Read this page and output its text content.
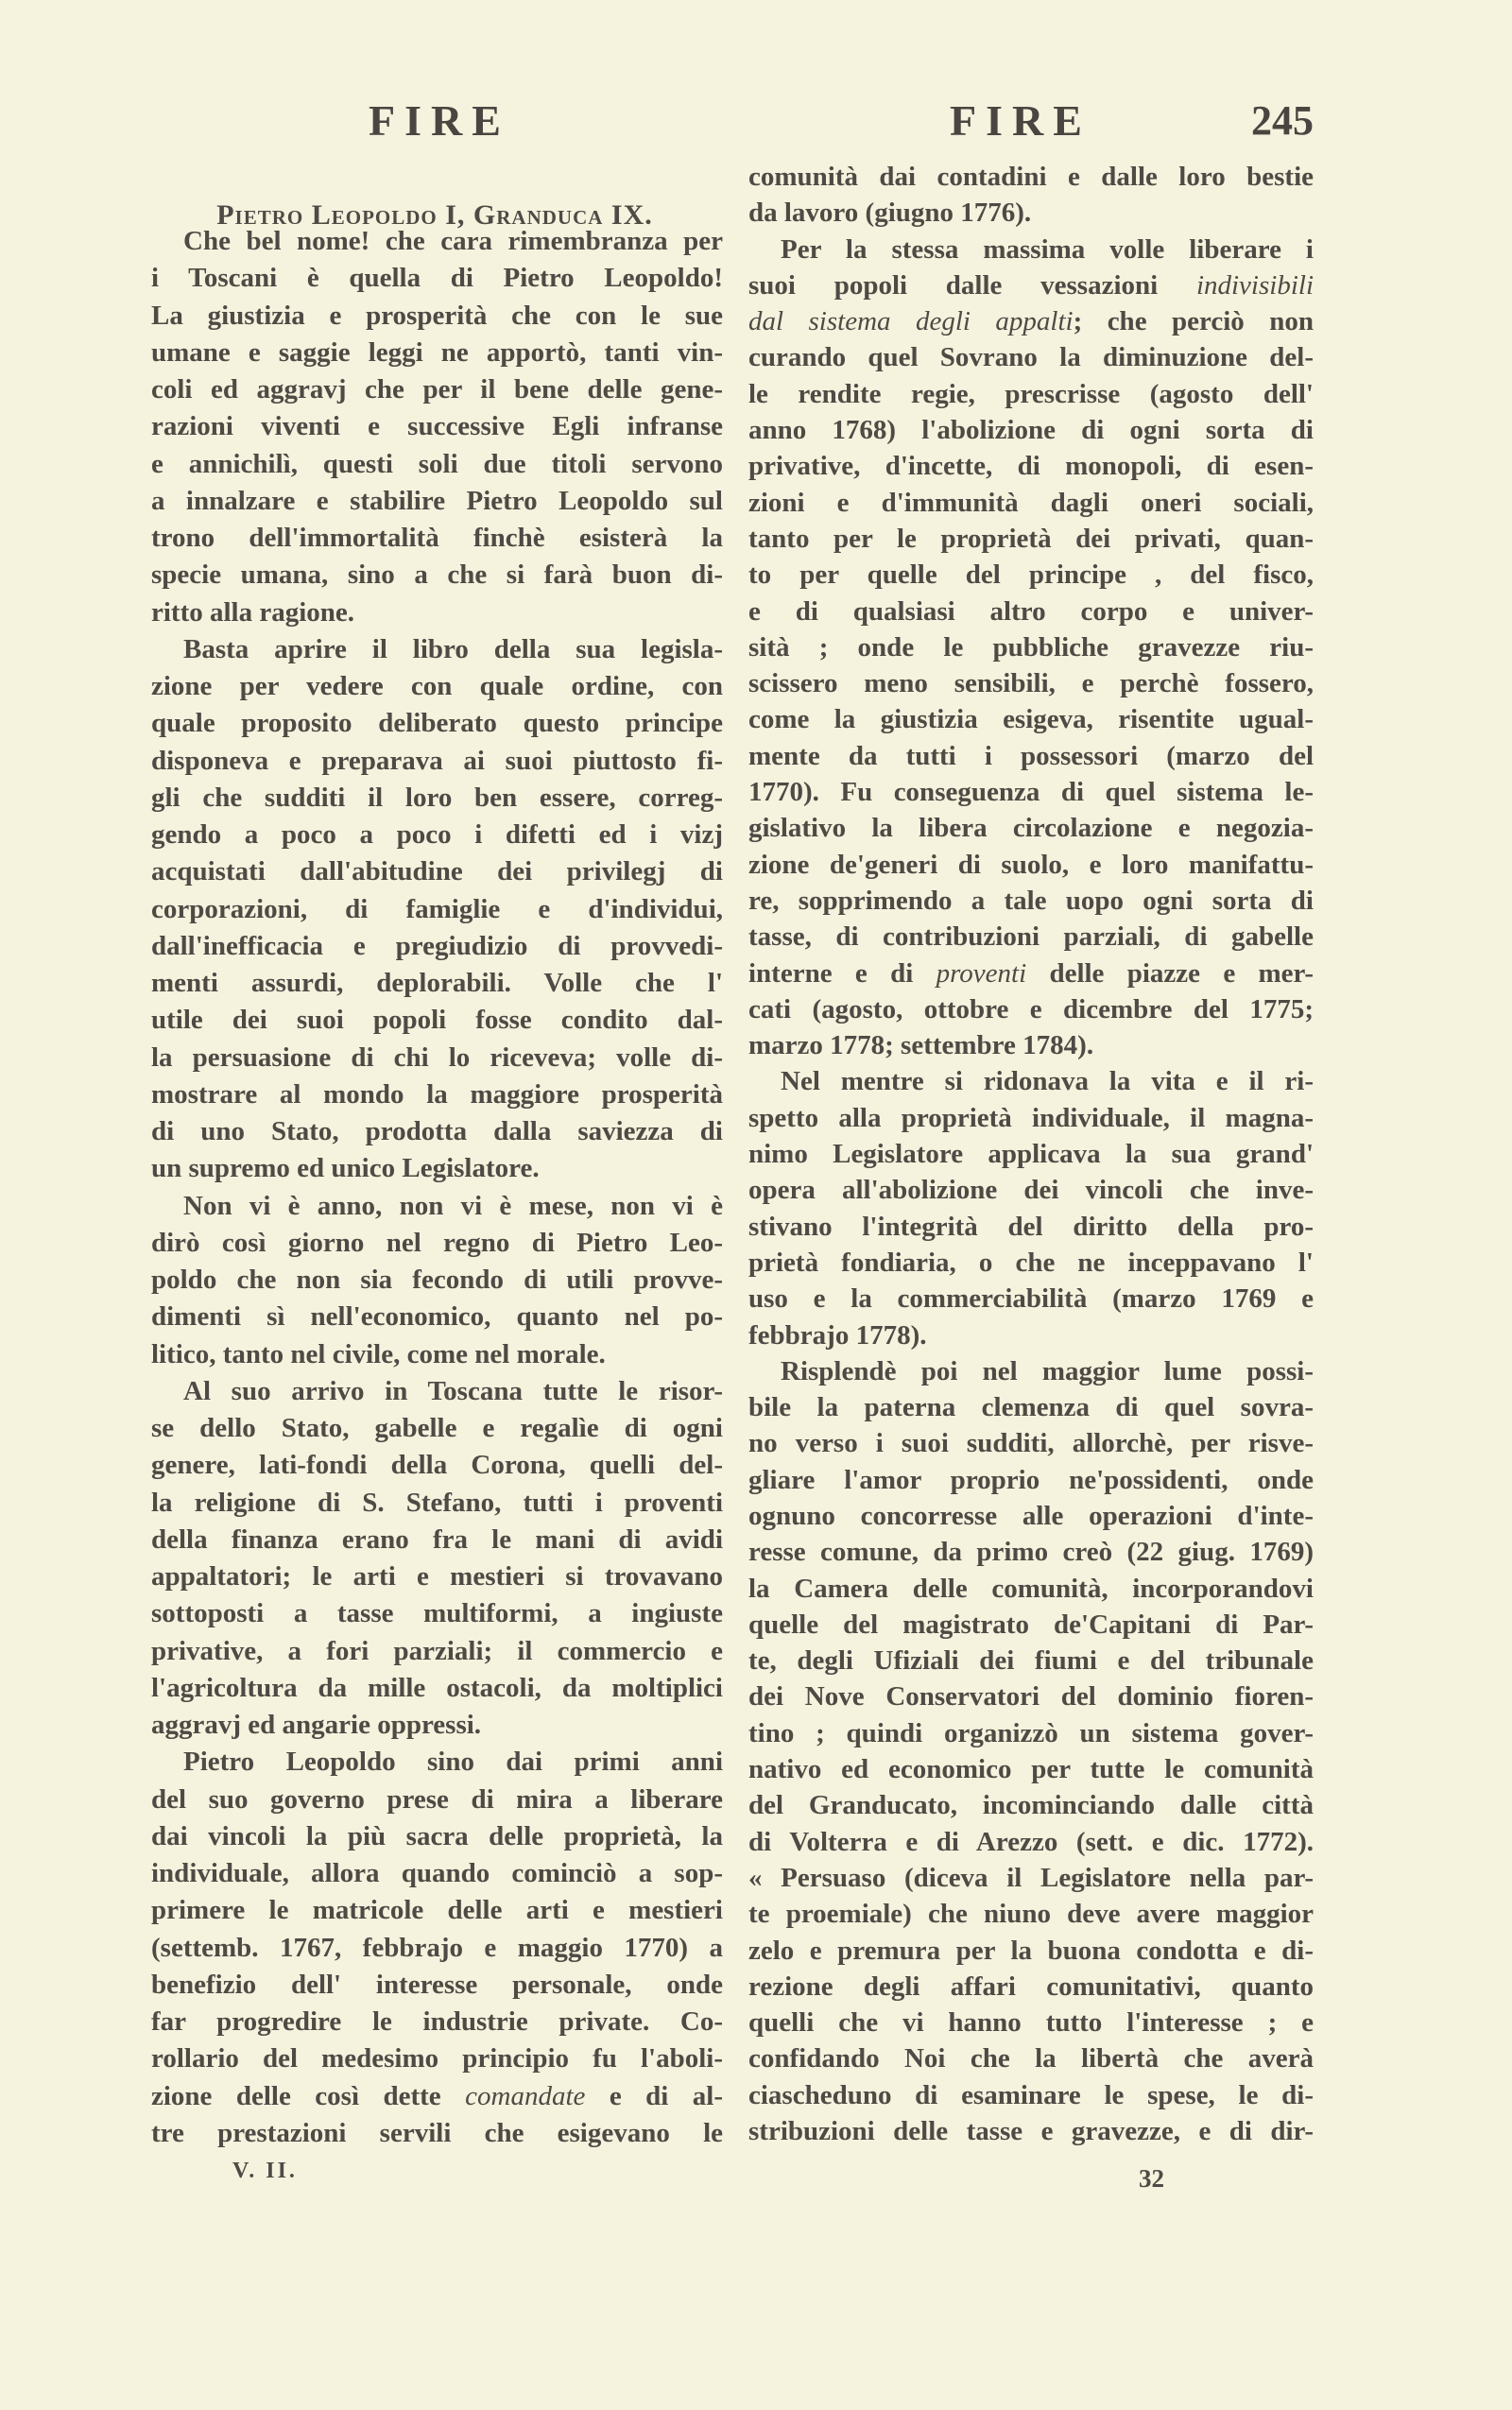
FIRE	FIRE	245
Pietro Leopoldo I, Granduca IX.
Che bel nome! che cara rimembranza per
i Toscani è quella di Pietro Leopoldo!
La giustizia e prosperità che con le sue
umane e saggie leggi ne apportò, tanti vin-
coli ed aggravj che per il bene delle gene-
razioni viventi e successive Egli infranse
e annichilì, questi soli due titoli servono
a innalzare e stabilire Pietro Leopoldo sul
trono dell'immortalità finchè esisterà la
specie umana, sino a che si farà buon di-
ritto alla ragione.
Basta aprire il libro della sua legisla-
zione per vedere con quale ordine, con
quale proposito deliberato questo principe
disponeva e preparava ai suoi piuttosto fi-
gli che sudditi il loro ben essere, correg-
gendo a poco a poco i difetti ed i vizj
acquistati dall'abitudine dei privilegj di
corporazioni, di famiglie e d'individui,
dall'inefficacia e pregiudizio di provvedi-
menti assurdi, deplorabili. Volle che l'
utile dei suoi popoli fosse condito dal-
la persuasione di chi lo riceveva; volle di-
mostrare al mondo la maggiore prosperità
di uno Stato, prodotta dalla saviezza di
un supremo ed unico Legislatore.
Non vi è anno, non vi è mese, non vi è
dirò così giorno nel regno di Pietro Leo-
poldo che non sia fecondo di utili provve-
dimenti sì nell'economico, quanto nel po-
litico, tanto nel civile, come nel morale.
Al suo arrivo in Toscana tutte le risor-
se dello Stato, gabelle e regalìe di ogni
genere, lati-fondi della Corona, quelli del-
la religione di S. Stefano, tutti i proventi
della finanza erano fra le mani di avidi
appaltatori; le arti e mestieri si trovavano
sottoposti a tasse multiformi, a ingiuste
privative, a fori parziali; il commercio e
l'agricoltura da mille ostacoli, da moltiplici
aggravj ed angarie oppressi.
Pietro Leopoldo sino dai primi anni
del suo governo prese di mira a liberare
dai vincoli la più sacra delle proprietà, la
individuale, allora quando cominciò a sop-
primere le matricole delle arti e mestieri
(settemb. 1767, febbrajo e maggio 1770) a
benefizio dell' interesse personale, onde
far progredire le industrie private. Co-
rollario del medesimo principio fu l'aboli-
zione delle così dette comandate e di al-
tre prestazioni servili che esigevano le
comunità dai contadini e dalle loro bestie
da lavoro (giugno 1776).
Per la stessa massima volle liberare i
suoi popoli dalle vessazioni indivisibili
dal sistema degli appalti; che perciò non
curando quel Sovrano la diminuzione del-
le rendite regie, prescrisse (agosto dell'
anno 1768) l'abolizione di ogni sorta di
privative, d'incette, di monopoli, di esen-
zioni e d'immunità dagli oneri sociali,
tanto per le proprietà dei privati, quan-
to per quelle del principe , del fisco,
e di qualsiasi altro corpo e univer-
sità ; onde le pubbliche gravezze riu-
scissero meno sensibili, e perchè fossero,
come la giustizia esigeva, risentite ugual-
mente da tutti i possessori (marzo del
1770). Fu conseguenza di quel sistema le-
gislativo la libera circolazione e negozia-
zione de'generi di suolo, e loro manifattu-
re, sopprimendo a tale uopo ogni sorta di
tasse, di contribuzioni parziali, di gabelle
interne e di proventi delle piazze e mer-
cati (agosto, ottobre e dicembre del 1775;
marzo 1778; settembre 1784).
Nel mentre si ridonava la vita e il ri-
spetto alla proprietà individuale, il magna-
nimo Legislatore applicava la sua grand'
opera all'abolizione dei vincoli che inve-
stivano l'integrità del diritto della pro-
prietà fondiaria, o che ne inceppavano l'
uso e la commerciabilità (marzo 1769 e
febbrajo 1778).
Risplendè poi nel maggior lume possi-
bile la paterna clemenza di quel sovra-
no verso i suoi sudditi, allorchè, per risve-
gliare l'amor proprio ne'possidenti, onde
ognuno concorresse alle operazioni d'inte-
resse comune, da primo creò (22 giug. 1769)
la Camera delle comunità, incorporandovi
quelle del magistrato de'Capitani di Par-
te, degli Ufiziali dei fiumi e del tribunale
dei Nove Conservatori del dominio fioren-
tino ; quindi organizzò un sistema gover-
nativo ed economico per tutte le comunità
del Granducato, incominciando dalle città
di Volterra e di Arezzo (sett. e dic. 1772).
« Persuaso (diceva il Legislatore nella par-
te proemiale) che niuno deve avere maggior
zelo e premura per la buona condotta e di-
rezione degli affari comunitativi, quanto
quelli che vi hanno tutto l'interesse ; e
confidando Noi che la libertà che averà
ciascheduno di esaminare le spese, le di-
stribuzioni delle tasse e gravezze, e di dir-
V. II.	32
